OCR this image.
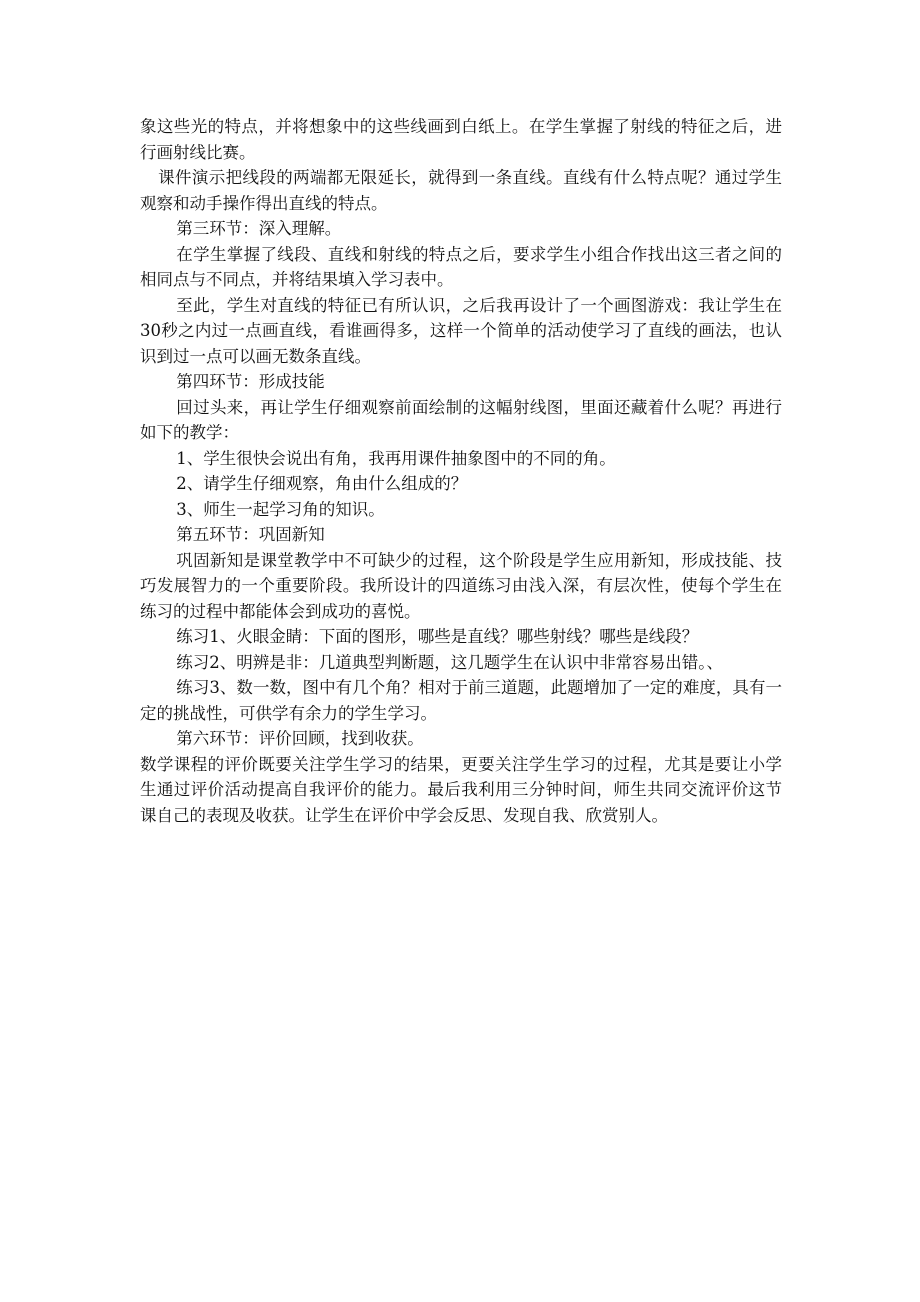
象这些光的特点，并将想象中的这些线画到白纸上。在学生掌握了射线的特征之后，进行画射线比赛。

课件演示把线段的两端都无限延长，就得到一条直线。直线有什么特点呢？通过学生观察和动手操作得出直线的特点。

第三环节：深入理解。

在学生掌握了线段、直线和射线的特点之后，要求学生小组合作找出这三者之间的相同点与不同点，并将结果填入学习表中。

至此，学生对直线的特征已有所认识，之后我再设计了一个画图游戏：我让学生在30秒之内过一点画直线，看谁画得多，这样一个简单的活动使学习了直线的画法，也认识到过一点可以画无数条直线。

第四环节：形成技能

回过头来，再让学生仔细观察前面绘制的这幅射线图，里面还藏着什么呢？再进行如下的教学：

1、学生很快会说出有角，我再用课件抽象图中的不同的角。

2、请学生仔细观察，角由什么组成的？

3、师生一起学习角的知识。

第五环节：巩固新知

巩固新知是课堂教学中不可缺少的过程，这个阶段是学生应用新知，形成技能、技巧发展智力的一个重要阶段。我所设计的四道练习由浅入深，有层次性，使每个学生在练习的过程中都能体会到成功的喜悦。

练习1、火眼金睛：下面的图形，哪些是直线？哪些射线？哪些是线段？

练习2、明辨是非：几道典型判断题，这几题学生在认识中非常容易出错。、

练习3、数一数，图中有几个角？相对于前三道题，此题增加了一定的难度，具有一定的挑战性，可供学有余力的学生学习。

第六环节：评价回顾，找到收获。

数学课程的评价既要关注学生学习的结果，更要关注学生学习的过程，尤其是要让小学生通过评价活动提高自我评价的能力。最后我利用三分钟时间，师生共同交流评价这节课自己的表现及收获。让学生在评价中学会反思、发现自我、欣赏别人。
